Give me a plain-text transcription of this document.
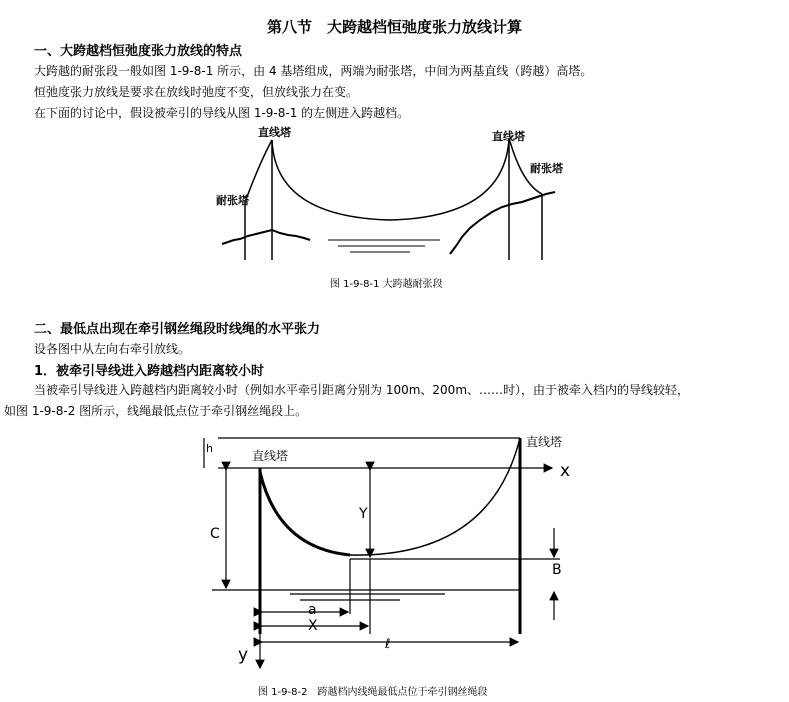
第八节　大跨越档恒弛度张力放线计算
一、大跨越档恒弛度张力放线的特点
大跨越的耐张段一般如图 1-9-8-1 所示，由 4 基塔组成，两端为耐张塔，中间为两基直线（跨越）高塔。
恒弛度张力放线是要求在放线时弛度不变，但放线张力在变。
在下面的讨论中，假设被牵引的导线从图 1-9-8-1 的左侧进入跨越档。
直线塔	直线塔
耐张塔
耐张塔
图 1-9-8-1 大跨越耐张段
二、最低点出现在牵引钢丝绳段时线绳的水平张力
设各图中从左向右牵引放线。
1．被牵引导线进入跨越档内距离较小时
当被牵引导线进入跨越档内距离较小时（例如水平牵引距离分别为 100m、200m、……时），由于被牵入档内的导线较轻，
如图 1-9-8-2 图所示，线绳最低点位于牵引钢丝绳段上。
h
直线塔
直线塔
x
y
Y
C
B
a
X
ℓ
图 1-9-8-2　跨越档内线绳最低点位于牵引钢丝绳段
